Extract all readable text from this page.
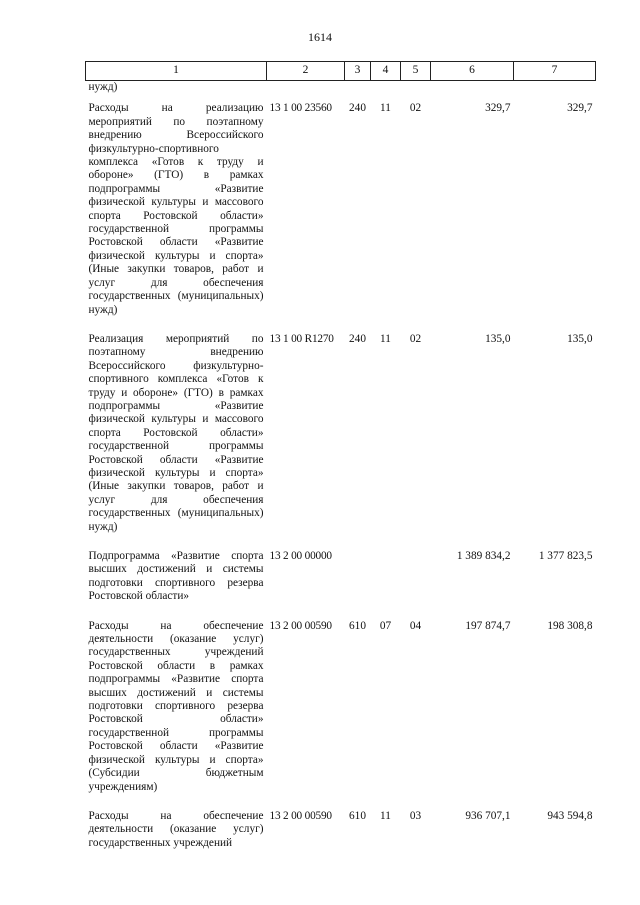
1614
1	2	3	4	5	6	7
нужд)						
Расходы на реализацию мероприятий по поэтапному внедрению Всероссийского физкультурно-спортивного комплекса «Готов к труду и обороне» (ГТО) в рамках подпрограммы «Развитие физической культуры и массового спорта Ростовской области» государственной программы Ростовской области «Развитие физической культуры и спорта» (Иные закупки товаров, работ и услуг для обеспечения государственных (муниципальных) нужд)	13 1 00 23560	240	11	02	329,7	329,7
Реализация мероприятий по поэтапному внедрению Всероссийского физкультурно-спортивного комплекса «Готов к труду и обороне» (ГТО) в рамках подпрограммы «Развитие физической культуры и массового спорта Ростовской области» государственной программы Ростовской области «Развитие физической культуры и спорта» (Иные закупки товаров, работ и услуг для обеспечения государственных (муниципальных) нужд)	13 1 00 R1270	240	11	02	135,0	135,0
Подпрограмма «Развитие спорта высших достижений и системы подготовки спортивного резерва Ростовской области»	13 2 00 00000				1 389 834,2	1 377 823,5
Расходы на обеспечение деятельности (оказание услуг) государственных учреждений Ростовской области в рамках подпрограммы «Развитие спорта высших достижений и системы подготовки спортивного резерва Ростовской области» государственной программы Ростовской области «Развитие физической культуры и спорта» (Субсидии бюджетным учреждениям)	13 2 00 00590	610	07	04	197 874,7	198 308,8
Расходы на обеспечение деятельности (оказание услуг) государственных учреждений	13 2 00 00590	610	11	03	936 707,1	943 594,8
